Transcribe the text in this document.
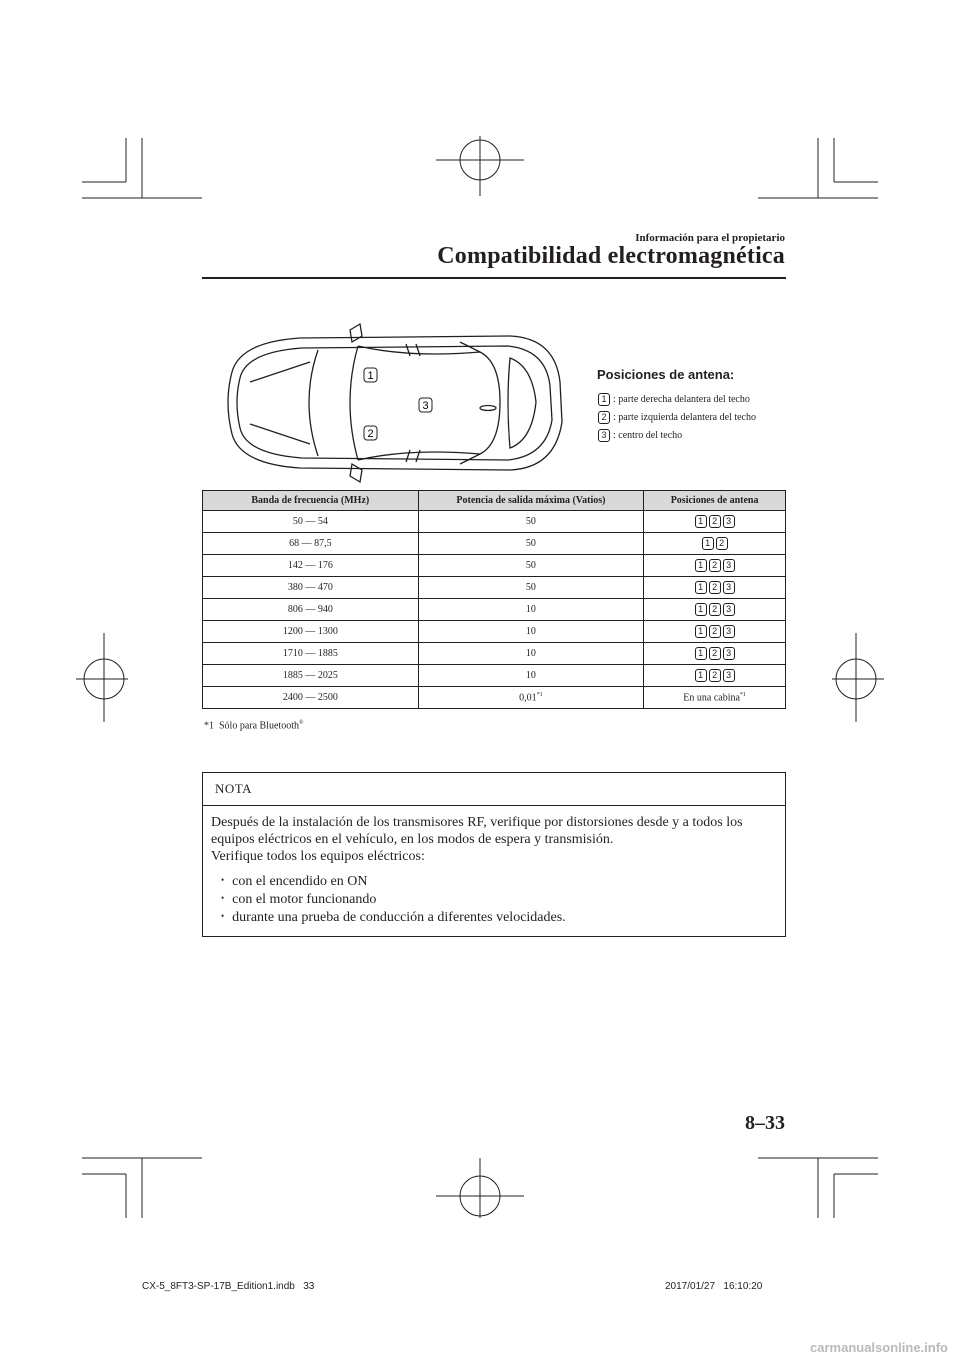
Información para el propietario
Compatibilidad electromagnética
1
2
3
Posiciones de antena:
1 : parte derecha delantera del techo
2 : parte izquierda delantera del techo
3 : centro del techo
Banda de frecuencia (MHz)	Potencia de salida máxima (Vatios)	Posiciones de antena
50 — 54	50	1 2 3

68 — 87,5	50	1 2

142 — 176	50	1 2 3

380 — 470	50	1 2 3

806 — 940	10	1 2 3

1200 — 1300	10	1 2 3

1710 — 1885	10	1 2 3

1885 — 2025	10	1 2 3

2400 — 2500	0,01$^{*1}$	En una cabina$^{*1}$
*1 Sólo para Bluetooth®
NOTA

Después de la instalación de los transmisores RF, verifique por distorsiones desde y a todos los equipos eléctricos en el vehículo, en los modos de espera y transmisión.

Verifique todos los equipos eléctricos:

• con el encendido en ON
• con el motor funcionando
• durante una prueba de conducción a diferentes velocidades.
8–33
CX-5_8FT3-SP-17B_Edition1.indb 33	2017/01/27 16:10:20
carmanualsonline.info
